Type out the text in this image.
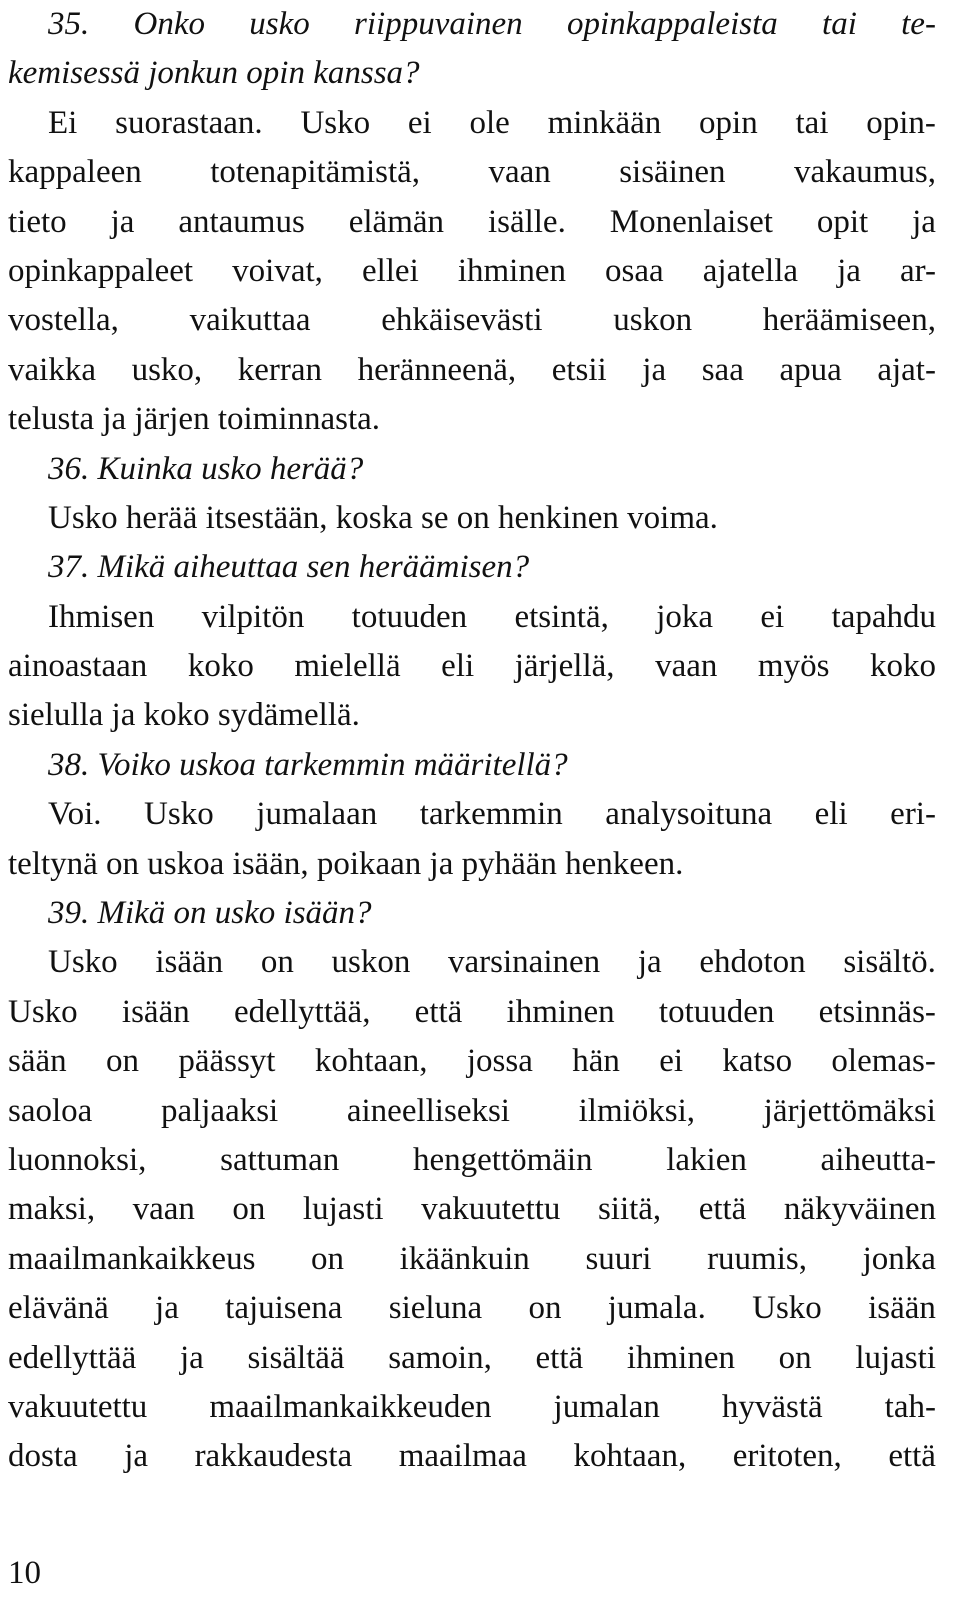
35. Onko usko riippuvainen opinkappaleista tai te-
kemisessä jonkun opin kanssa?
Ei suorastaan. Usko ei ole minkään opin tai opin-
kappaleen totenapitämistä, vaan sisäinen vakaumus,
tieto ja antaumus elämän isälle. Monenlaiset opit ja
opinkappaleet voivat, ellei ihminen osaa ajatella ja ar-
vostella, vaikuttaa ehkäisevästi uskon heräämiseen,
vaikka usko, kerran heränneenä, etsii ja saa apua ajat-
telusta ja järjen toiminnasta.
36. Kuinka usko herää?
Usko herää itsestään, koska se on henkinen voima.
37. Mikä aiheuttaa sen heräämisen?
Ihmisen vilpitön totuuden etsintä, joka ei tapahdu
ainoastaan koko mielellä eli järjellä, vaan myös koko
sielulla ja koko sydämellä.
38. Voiko uskoa tarkemmin määritellä?
Voi. Usko jumalaan tarkemmin analysoituna eli eri-
teltynä on uskoa isään, poikaan ja pyhään henkeen.
39. Mikä on usko isään?
Usko isään on uskon varsinainen ja ehdoton sisältö.
Usko isään edellyttää, että ihminen totuuden etsinnäs-
sään on päässyt kohtaan, jossa hän ei katso olemas-
saoloa paljaaksi aineelliseksi ilmiöksi, järjettömäksi
luonnoksi, sattuman hengettömäin lakien aiheutta-
maksi, vaan on lujasti vakuutettu siitä, että näkyväinen
maailmankaikkeus on ikäänkuin suuri ruumis, jonka
elävänä ja tajuisena sieluna on jumala. Usko isään
edellyttää ja sisältää samoin, että ihminen on lujasti
vakuutettu maailmankaikkeuden jumalan hyvästä tah-
dosta ja rakkaudesta maailmaa kohtaan, eritoten, että
10
